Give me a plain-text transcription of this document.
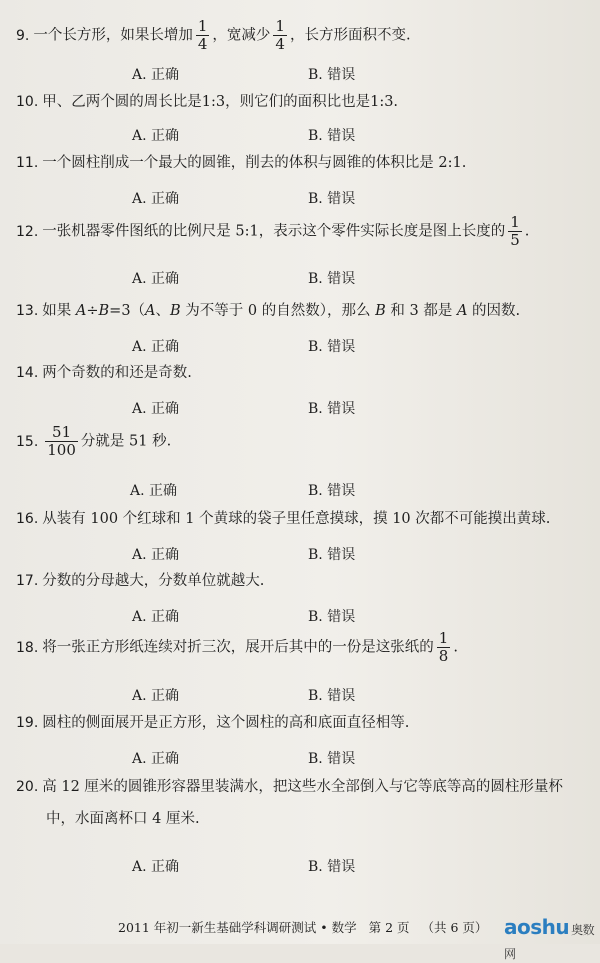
9. 一个长方形，如果长增加 $\frac{1}{4}$ ，宽减少 $\frac{1}{4}$ ，长方形面积不变.
A. 正确	B. 错误
10. 甲、乙两个圆的周长比是1:3，则它们的面积比也是1:3.
A. 正确	B. 错误
11. 一个圆柱削成一个最大的圆锥，削去的体积与圆锥的体积比是 2:1.
A. 正确	B. 错误
12. 一张机器零件图纸的比例尺是 5:1，表示这个零件实际长度是图上长度的 $\frac{1}{5}$ .
A. 正确	B. 错误
13. 如果 A÷B=3（A、B 为不等于 0 的自然数），那么 B 和 3 都是 A 的因数.
A. 正确	B. 错误
14. 两个奇数的和还是奇数.
A. 正确	B. 错误
15. $\frac{51}{100}$ 分就是 51 秒.
A. 正确	B. 错误
16. 从装有 100 个红球和 1 个黄球的袋子里任意摸球，摸 10 次都不可能摸出黄球.
A. 正确	B. 错误
17. 分数的分母越大，分数单位就越大.
A. 正确	B. 错误
18. 将一张正方形纸连续对折三次，展开后其中的一份是这张纸的 $\frac{1}{8}$ .
A. 正确	B. 错误
19. 圆柱的侧面展开是正方形，这个圆柱的高和底面直径相等.
A. 正确	B. 错误
20. 高 12 厘米的圆锥形容器里装满水，把这些水全部倒入与它等底等高的圆柱形量杯
中，水面离杯口 4 厘米.
A. 正确	B. 错误
2011 年初一新生基础学科调研测试 • 数学 第 2 页 （共 6 页） aoshu 奥数网
